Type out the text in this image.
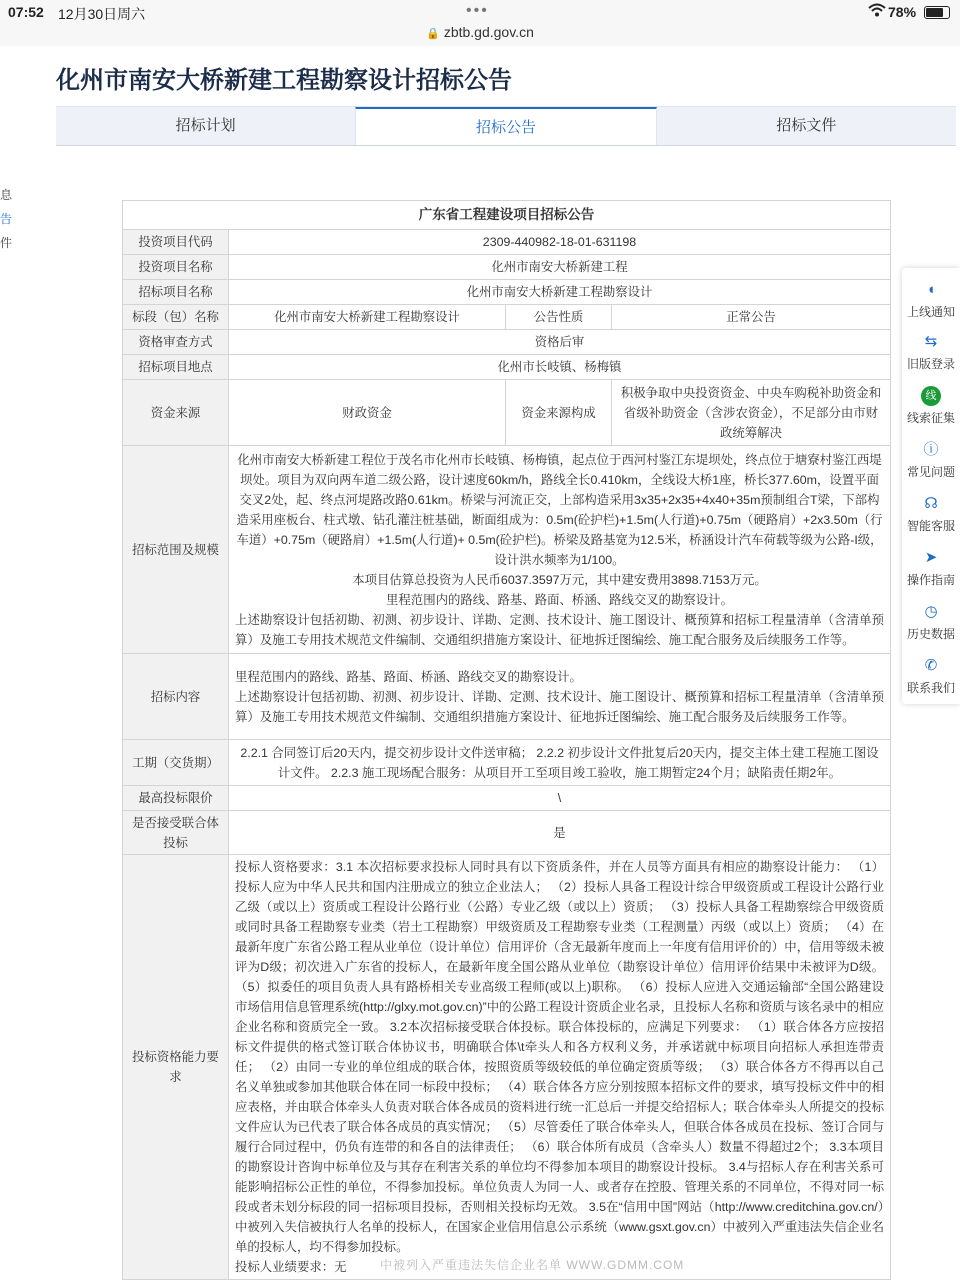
07:52 12月30日周六	•••	78%
🔒 zbtb.gd.gov.cn
化州市南安大桥新建工程勘察设计招标公告
招标计划	招标公告	招标文件
息
告
件
广东省工程建设项目招标公告			
投资项目代码	2309-440982-18-01-631198		
投资项目名称	化州市南安大桥新建工程		
招标项目名称	化州市南安大桥新建工程勘察设计		
标段（包）名称	化州市南安大桥新建工程勘察设计	公告性质	正常公告
资格审查方式	资格后审		
招标项目地点	化州市长岐镇、杨梅镇		
资金来源	财政资金	资金来源构成	积极争取中央投资资金、中央车购税补助资金和省级补助资金（含涉农资金），不足部分由市财政统筹解决
招标范围及规模	化州市南安大桥新建工程位于茂名市化州市长岐镇、杨梅镇，起点位于西河村鉴江东堤坝处，终点位于塘寮村鉴江西堤坝处。项目为双向两车道二级公路，设计速度60km/h，路线全长0.410km，全线设大桥1座，桥长377.60m，设置平面交叉2处，起、终点河堤路改路0.61km。桥梁与河流正交，上部构造采用3x35+2x35+4x40+35m预制组合T梁，下部构造采用座板台、柱式墩、钻孔灌注桩基础，断面组成为：0.5m(砼护栏)+1.5m(人行道)+0.75m（硬路肩）+2x3.50m（行车道）+0.75m（硬路肩）+1.5m(人行道)+ 0.5m(砼护栏)。桥梁及路基宽为12.5米，桥涵设计汽车荷载等级为公路-I级，设计洪水频率为1/100。
本项目估算总投资为人民币6037.3597万元，其中建安费用3898.7153万元。
里程范围内的路线、路基、路面、桥涵、路线交叉的勘察设计。
上述勘察设计包括初勘、初测、初步设计、详勘、定测、技术设计、施工图设计、概预算和招标工程量清单（含清单预算）及施工专用技术规范文件编制、交通组织措施方案设计、征地拆迁图编绘、施工配合服务及后续服务工作等。		

招标内容	里程范围内的路线、路基、路面、桥涵、路线交叉的勘察设计。
上述勘察设计包括初勘、初测、初步设计、详勘、定测、技术设计、施工图设计、概预算和招标工程量清单（含清单预算）及施工专用技术规范文件编制、交通组织措施方案设计、征地拆迁图编绘、施工配合服务及后续服务工作等。		

工期（交货期）	2.2.1 合同签订后20天内，提交初步设计文件送审稿； 2.2.2 初步设计文件批复后20天内，提交主体土建工程施工图设计文件。 2.2.3 施工现场配合服务：从项目开工至项目竣工验收，施工期暂定24个月；缺陷责任期2年。		
最高投标限价	\		
是否接受联合体投标	是		
投标资格能力要求	投标人资格要求：3.1 本次招标要求投标人同时具有以下资质条件，并在人员等方面具有相应的勘察设计能力： （1）投标人应为中华人民共和国内注册成立的独立企业法人； （2）投标人具备工程设计综合甲级资质或工程设计公路行业乙级（或以上）资质或工程设计公路行业（公路）专业乙级（或以上）资质； （3）投标人具备工程勘察综合甲级资质或同时具备工程勘察专业类（岩土工程勘察）甲级资质及工程勘察专业类（工程测量）丙级（或以上）资质； （4）在最新年度广东省公路工程从业单位（设计单位）信用评价（含无最新年度而上一年度有信用评价的）中，信用等级未被评为D级；初次进入广东省的投标人，在最新年度全国公路从业单位（勘察设计单位）信用评价结果中未被评为D级。 （5）拟委任的项目负责人具有路桥相关专业高级工程师(或以上)职称。 （6）投标人应进入交通运输部“全国公路建设市场信用信息管理系统(http://glxy.mot.gov.cn)”中的公路工程设计资质企业名录，且投标人名称和资质与该名录中的相应企业名称和资质完全一致。 3.2本次招标接受联合体投标。联合体投标的，应满足下列要求： （1）联合体各方应按招标文件提供的格式签订联合体协议书，明确联合体\t牵头人和各方权利义务，并承诺就中标项目向招标人承担连带责任； （2）由同一专业的单位组成的联合体，按照资质等级较低的单位确定资质等级； （3）联合体各方不得再以自己名义单独或参加其他联合体在同一标段中投标； （4）联合体各方应分别按照本招标文件的要求，填写投标文件中的相应表格，并由联合体牵头人负责对联合体各成员的资料进行统一汇总后一并提交给招标人；联合体牵头人所提交的投标文件应认为已代表了联合体各成员的真实情况； （5）尽管委任了联合体牵头人，但联合体各成员在投标、签订合同与履行合同过程中，仍负有连带的和各自的法律责任； （6）联合体所有成员（含牵头人）数量不得超过2个； 3.3本项目的勘察设计咨询中标单位及与其存在利害关系的单位均不得参加本项目的勘察设计投标。 3.4与招标人存在利害关系可能影响招标公正性的单位，不得参加投标。单位负责人为同一人、或者存在控股、管理关系的不同单位，不得对同一标段或者未划分标段的同一招标项目投标，否则相关投标均无效。 3.5在“信用中国”网站（http://www.creditchina.gov.cn/）中被列入失信被执行人名单的投标人，在国家企业信用信息公示系统（www.gsxt.gov.cn）中被列入严重违法失信企业名单的投标人，均不得参加投标。
投标人业绩要求：无		
◖
上线通知
⇆
旧版登录
线
线索征集
ⓘ
常见问题
☊
智能客服
➤
操作指南
◷
历史数据
✆
联系我们
中被列入严重违法失信企业名单 WWW.GDMM.COM
